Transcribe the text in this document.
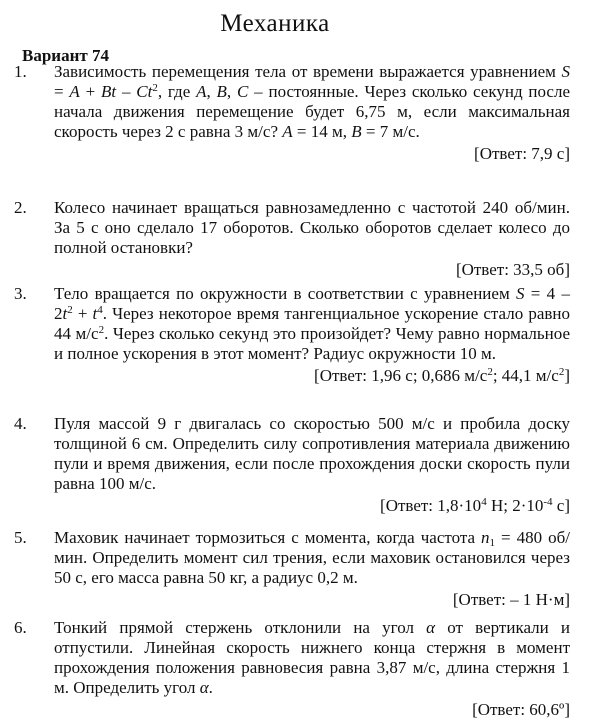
Механика
Вариант 74
1.	Зависимость перемещения тела от времени выражается уравнением S = A + Bt – Ct$^2$, где A, B, C – постоянные. Через сколько секунд после начала движения перемещение будет 6,75 м, если максимальная скорость через 2 с равна 3 м/с? A = 14 м, B = 7 м/с.
[Ответ: 7,9 с]
2.	Колесо начинает вращаться равнозамедленно с частотой 240 об/мин. За 5 с оно сделало 17 оборотов. Сколько оборотов сделает колесо до полной остановки?
[Ответ: 33,5 об]
3.	Тело вращается по окружности в соответствии с уравнением $S = 4 - 2t^2 + t^4$. Через некоторое время тангенциальное ускорение стало равно 44 $м/с^2$. Через сколько секунд это произойдет? Чему равно нормальное и полное ускорения в этот момент? Радиус окружности 10 м.
[Ответ: 1,96 с; 0,686 $м/с^2$; 44,1 $м/с^2$]
4.	Пуля массой 9 г двигалась со скоростью 500 м/с и пробила доску толщиной 6 см. Определить силу сопротивления материала движению пули и время движения, если после прохождения доски скорость пули равна 100 м/с.
[Ответ: $1,8\cdot 10^4$ Н; $2\cdot 10^{-4}$ с]
5.	Маховик начинает тормозиться с момента, когда частота $n_1 = 480$ об/мин. Определить момент сил трения, если маховик остановился через 50 с, его масса равна 50 кг, а радиус 0,2 м.
[Ответ: – 1 Н·м]
6.	Тонкий прямой стержень отклонили на угол α от вертикали и отпустили. Линейная скорость нижнего конца стержня в момент прохождения положения равновесия равна 3,87 м/с, длина стержня 1 м. Определить угол α.
[Ответ: 60,6º]
